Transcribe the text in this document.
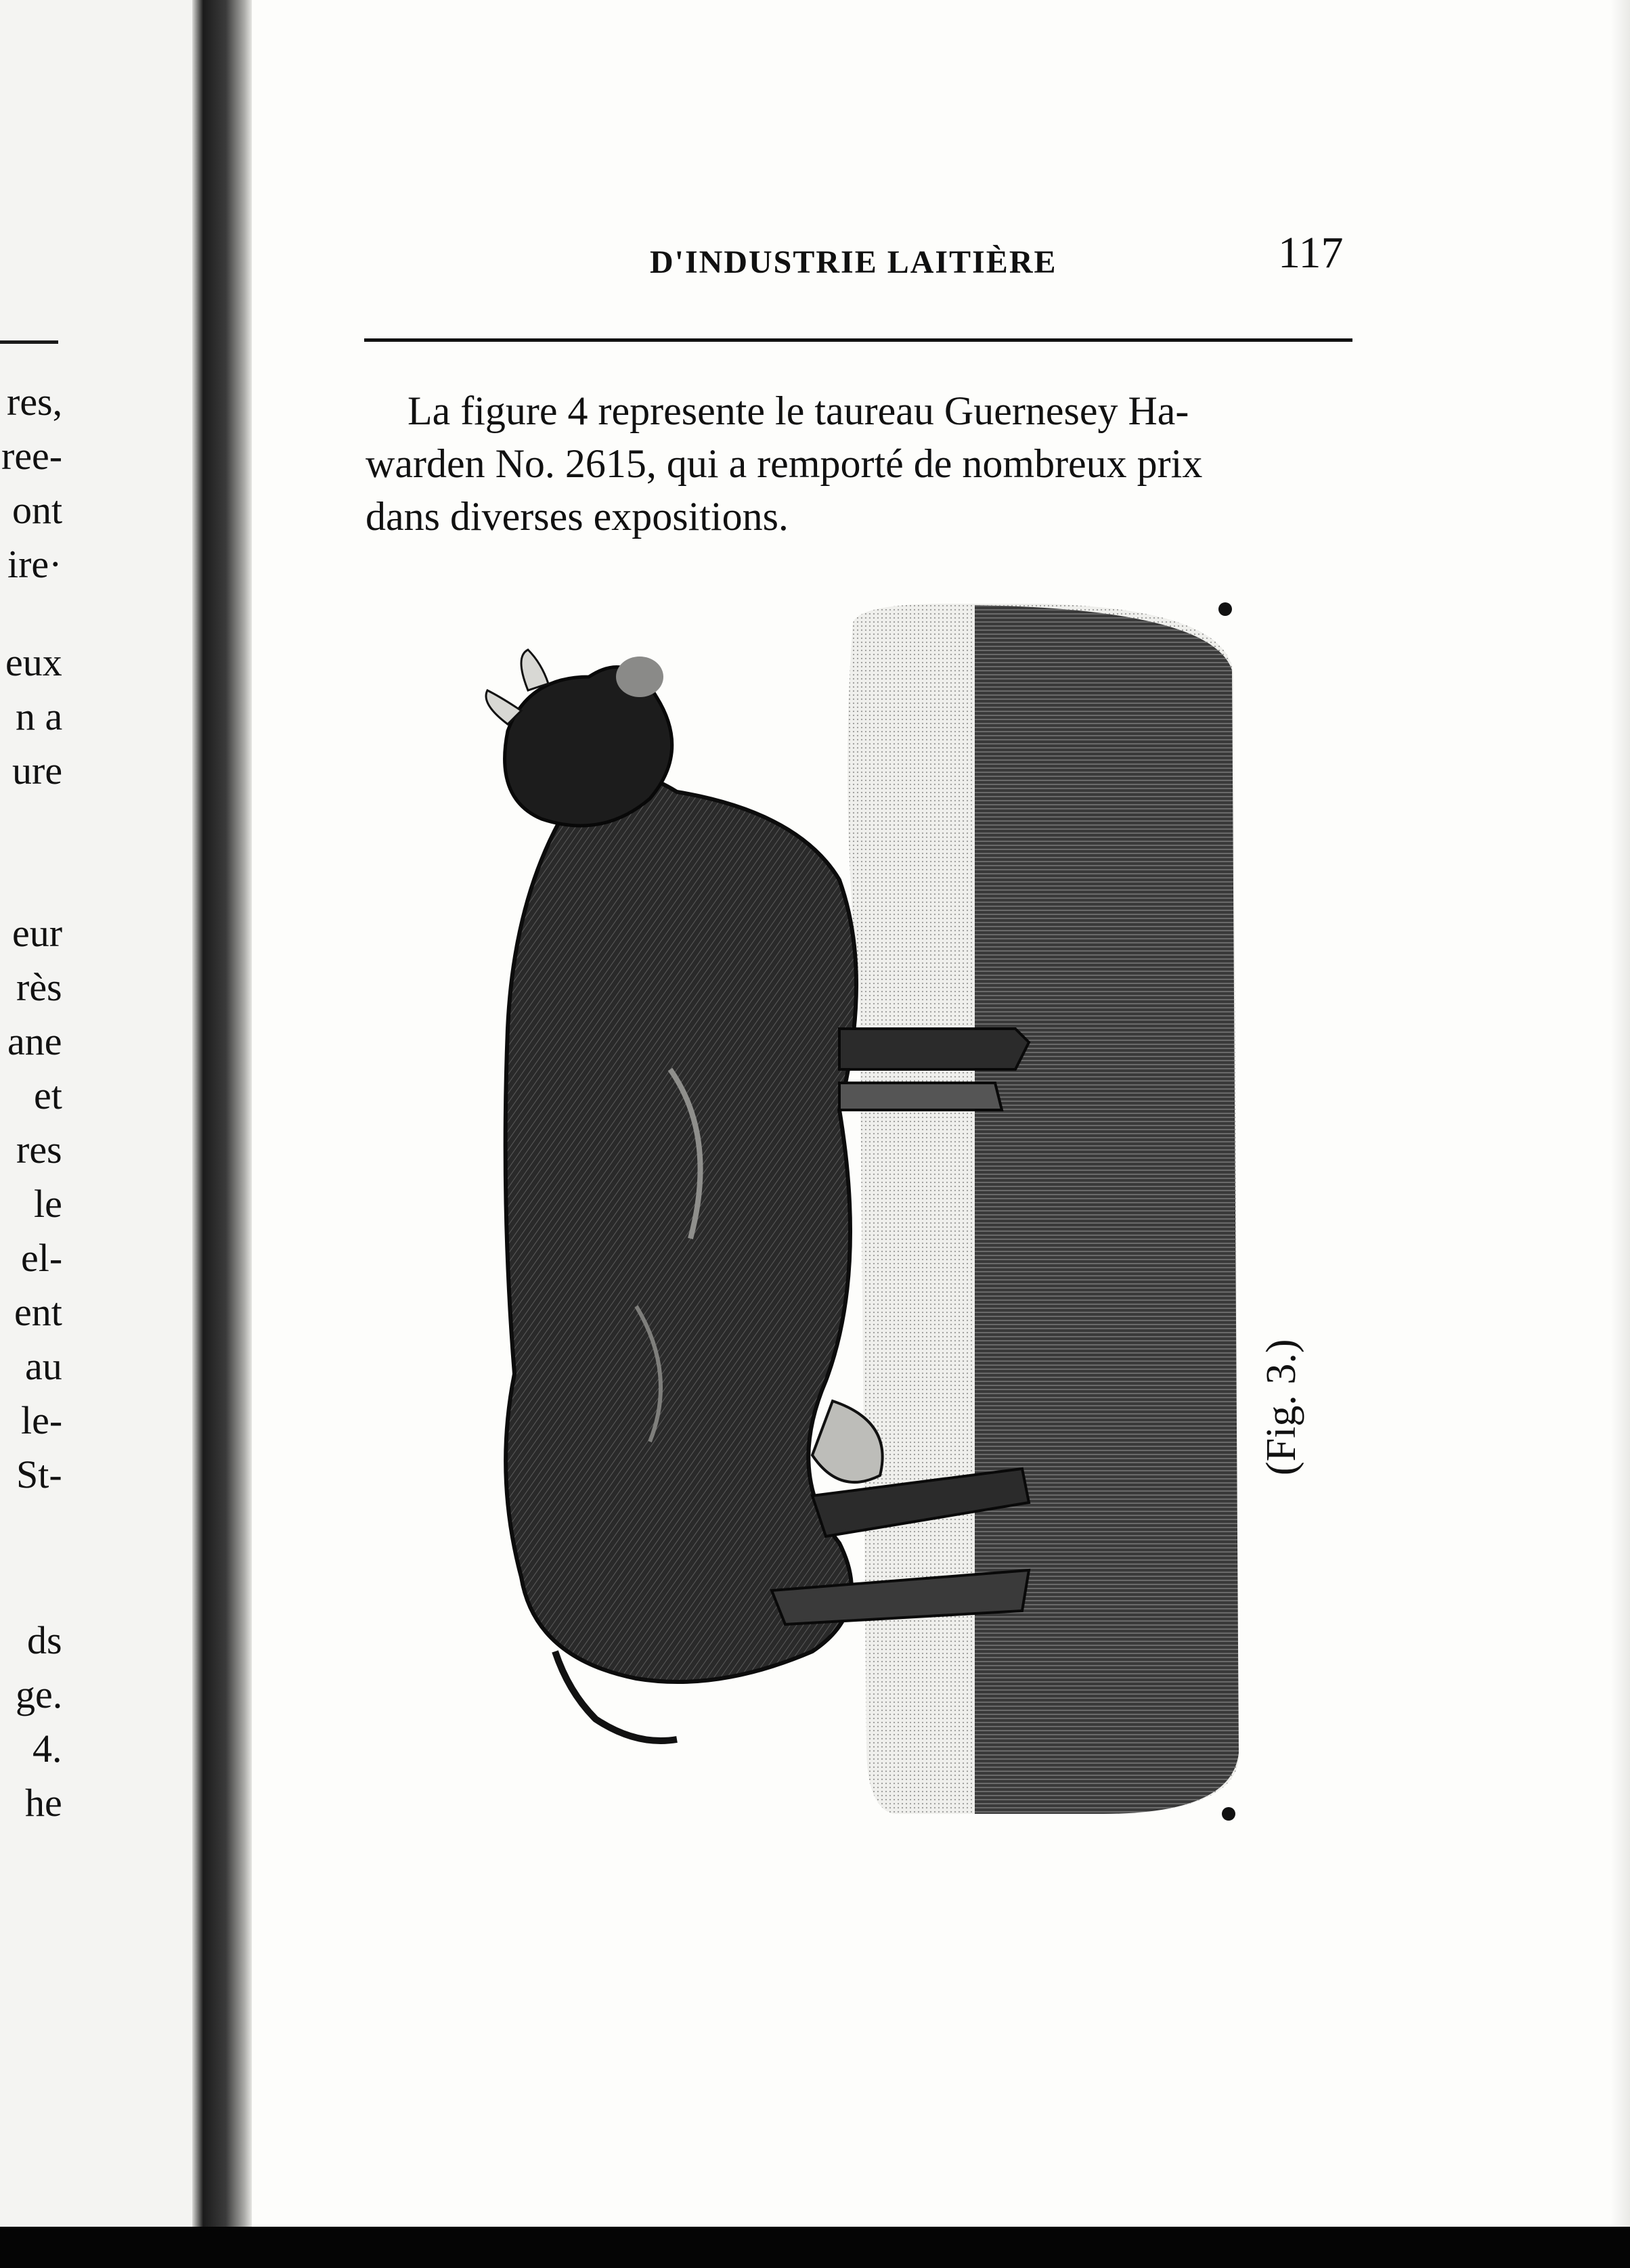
res,
ree-
ont
ire·
eux
n a
ure
eur
rès
ane
et
res
le
el-
ent
au
le-
St-
ds
ge.
4.
he
D'INDUSTRIE LAITIÈRE	117
La figure 4 represente le taureau Guernesey Ha-
warden No. 2615, qui a remporté de nombreux prix
dans diverses expositions.
(Fig. 3.)
